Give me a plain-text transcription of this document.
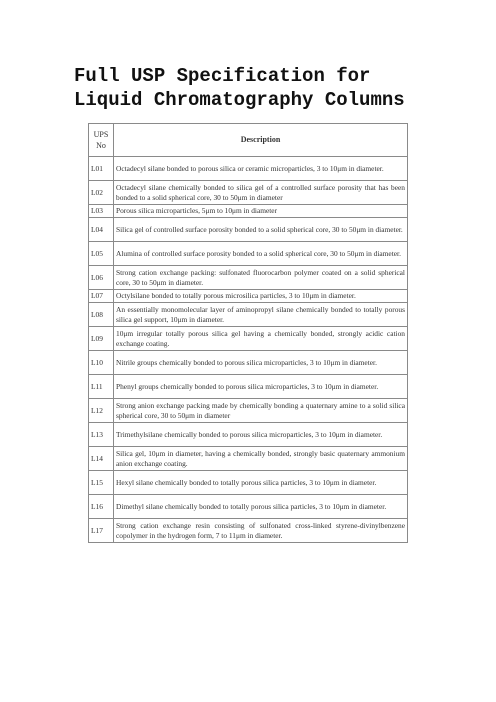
Full USP Specification for Liquid Chromatography Columns
UPS No	Description
L01	Octadecyl silane bonded to porous silica or ceramic microparticles, 3 to 10μm in diameter.
L02	Octadecyl silane chemically bonded to silica gel of a controlled surface porosity that has been bonded to a solid spherical core, 30 to 50μm in diameter
L03	Porous silica microparticles, 5μm to 10μm in diameter
L04	Silica gel of controlled surface porosity bonded to a solid spherical core, 30 to 50μm in diameter.
L05	Alumina of controlled surface porosity bonded to a solid spherical core, 30 to 50μm in diameter.
L06	Strong cation exchange packing: sulfonated fluorocarbon polymer coated on a solid spherical core, 30 to 50μm in diameter.
L07	Octylsilane bonded to totally porous microsilica particles, 3 to 10μm in diameter.
L08	An essentially monomolecular layer of aminopropyl silane chemically bonded to totally porous silica gel support, 10μm in diameter.
L09	10μm irregular totally porous silica gel having a chemically bonded, strongly acidic cation exchange coating.
L10	Nitrile groups chemically bonded to porous silica microparticles, 3 to 10μm in diameter.
L11	Phenyl groups chemically bonded to porous silica microparticles, 3 to 10μm in diameter.
L12	Strong anion exchange packing made by chemically bonding a quaternary amine to a solid silica spherical core, 30 to 50μm in diameter
L13	Trimethylsilane chemically bonded to porous silica microparticles, 3 to 10μm in diameter.
L14	Silica gel, 10μm in diameter, having a chemically bonded, strongly basic quaternary ammonium anion exchange coating.
L15	Hexyl silane chemically bonded to totally porous silica particles, 3 to 10μm in diameter.
L16	Dimethyl silane chemically bonded to totally porous silica particles, 3 to 10μm in diameter.
L17	Strong cation exchange resin consisting of sulfonated cross-linked styrene-divinylbenzene copolymer in the hydrogen form, 7 to 11μm in diameter.
